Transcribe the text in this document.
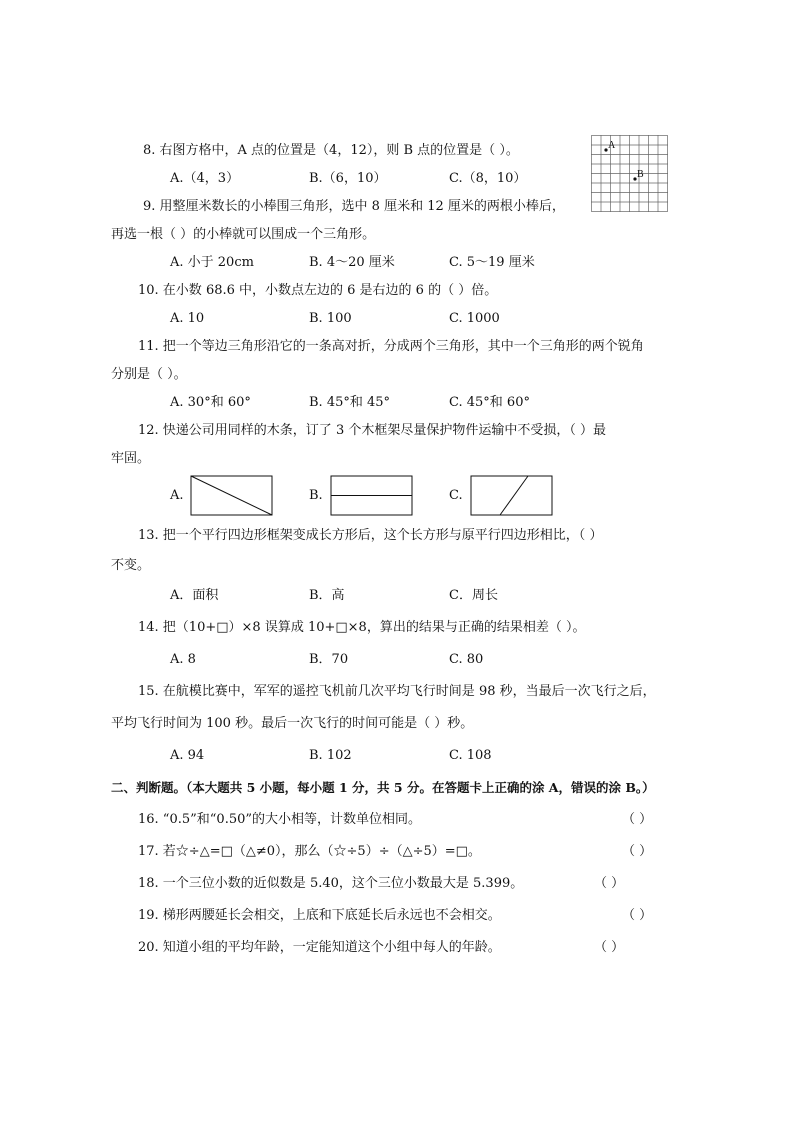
8. 右图方格中，A 点的位置是（4，12），则 B 点的位置是（ ）。	A
B
A.（4，3）	B.（6，10）	C.（8，10）
9. 用整厘米数长的小棒围三角形，选中 8 厘米和 12 厘米的两根小棒后，
再选一根（ ）的小棒就可以围成一个三角形。
A. 小于 20cm	B. 4～20 厘米	C. 5～19 厘米
10. 在小数 68.6 中，小数点左边的 6 是右边的 6 的（ ）倍。
A. 10	B. 100	C. 1000
11. 把一个等边三角形沿它的一条高对折，分成两个三角形，其中一个三角形的两个锐角
分别是（ ）。
A. 30°和 60°	B. 45°和 45°	C. 45°和 60°
12. 快递公司用同样的木条，订了 3 个木框架尽量保护物件运输中不受损，（ ）最
牢固。
A.	B.	C.
13. 把一个平行四边形框架变成长方形后，这个长方形与原平行四边形相比，（ ）
不变。
A．面积	B．高	C．周长
14. 把（10+□）×8 误算成 10+□×8，算出的结果与正确的结果相差（ ）。
A. 8	B．70	C. 80
15. 在航模比赛中，军军的遥控飞机前几次平均飞行时间是 98 秒，当最后一次飞行之后，
平均飞行时间为 100 秒。最后一次飞行的时间可能是（ ）秒。
A. 94	B. 102	C. 108
二、判断题。（本大题共 5 小题，每小题 1 分，共 5 分。在答题卡上正确的涂 A，错误的涂 B。）
16. “0.5”和“0.50”的大小相等，计数单位相同。	（ ）
17. 若☆÷△=□（△≠0），那么（☆÷5）÷（△÷5）=□。	（ ）
18. 一个三位小数的近似数是 5.40，这个三位小数最大是 5.399。	（ ）
19. 梯形两腰延长会相交，上底和下底延长后永远也不会相交。	（ ）
20. 知道小组的平均年龄，一定能知道这个小组中每人的年龄。	（ ）
